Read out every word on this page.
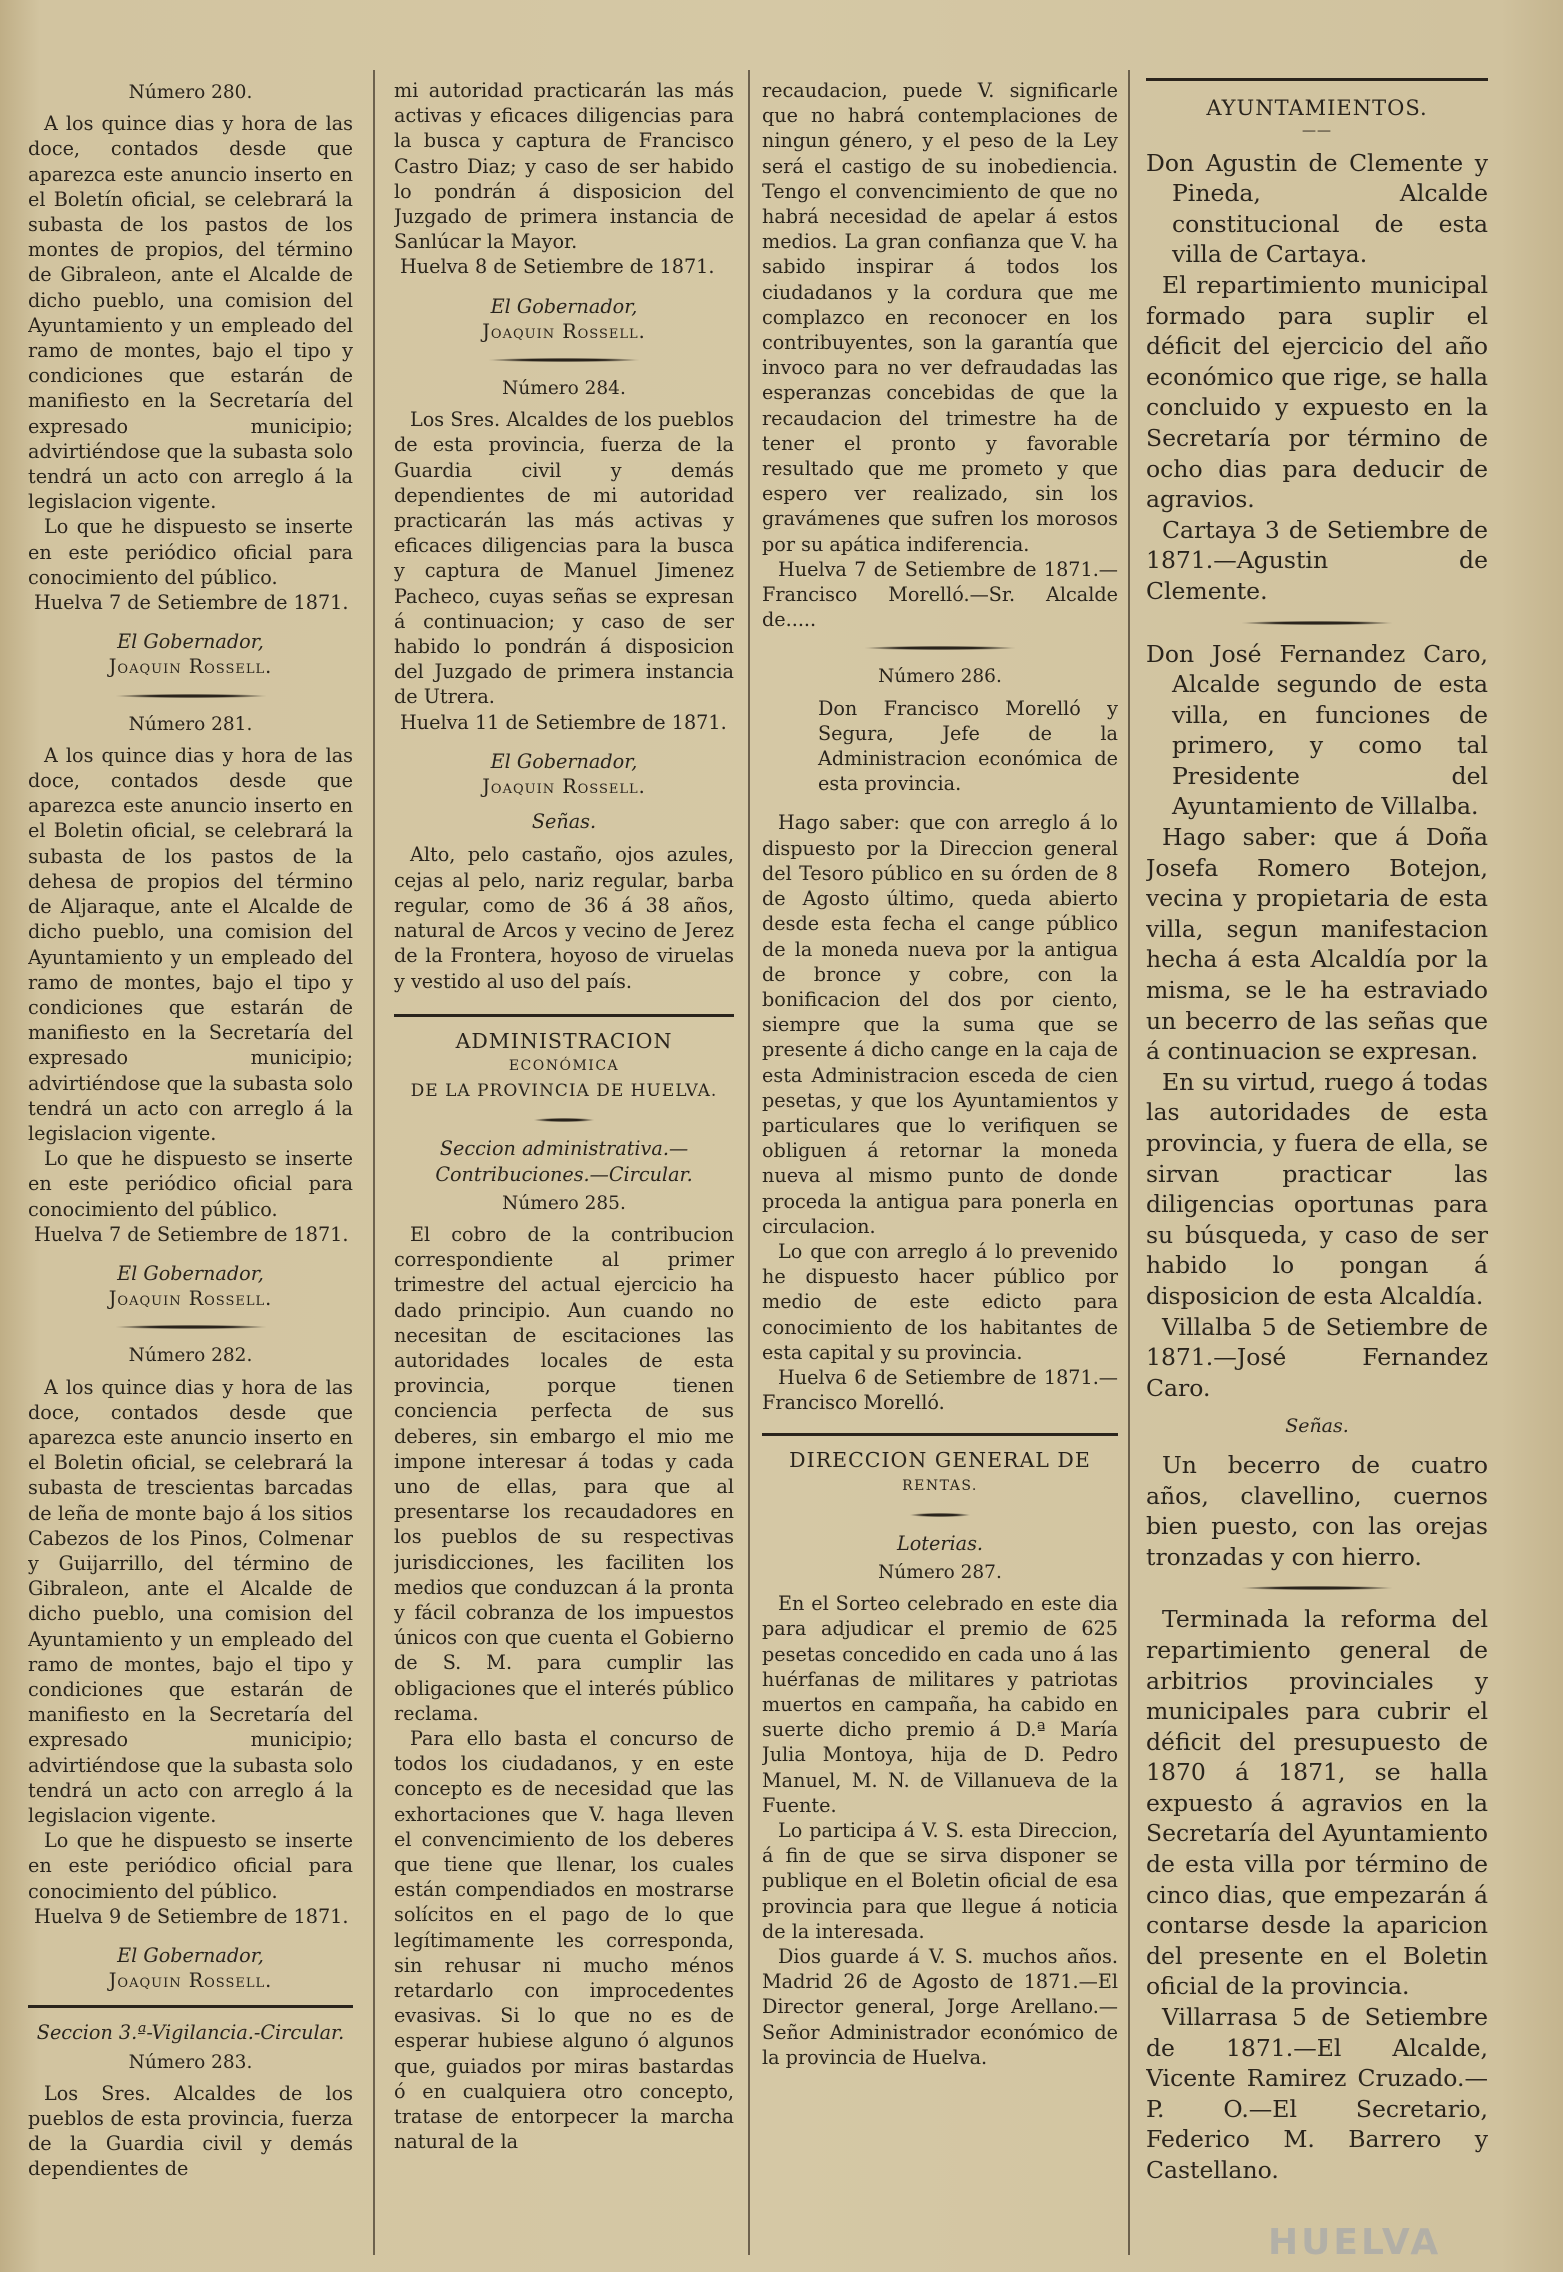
Número 280.

A los quince dias y hora de las doce, contados desde que aparezca este anuncio inserto en el Boletín oficial, se celebrará la subasta de los pastos de los montes de propios, del término de Gibraleon, ante el Alcalde de dicho pueblo, una comision del Ayuntamiento y un empleado del ramo de montes, bajo el tipo y condiciones que estarán de manifiesto en la Secretaría del expresado municipio; advirtiéndose que la subasta solo tendrá un acto con arreglo á la legislacion vigente.

Lo que he dispuesto se inserte en este periódico oficial para conocimiento del público.

Huelva 7 de Setiembre de 1871.

El Gobernador,

Joaquin Rossell.

Número 281.

A los quince dias y hora de las doce, contados desde que aparezca este anuncio inserto en el Boletin oficial, se celebrará la subasta de los pastos de la dehesa de propios del término de Aljaraque, ante el Alcalde de dicho pueblo, una comision del Ayuntamiento y un empleado del ramo de montes, bajo el tipo y condiciones que estarán de manifiesto en la Secretaría del expresado municipio; advirtiéndose que la subasta solo tendrá un acto con arreglo á la legislacion vigente.

Lo que he dispuesto se inserte en este periódico oficial para conocimiento del público.

Huelva 7 de Setiembre de 1871.

El Gobernador,

Joaquin Rossell.

Número 282.

A los quince dias y hora de las doce, contados desde que aparezca este anuncio inserto en el Boletin oficial, se celebrará la subasta de trescientas barcadas de leña de monte bajo á los sitios Cabezos de los Pinos, Colmenar y Guijarrillo, del término de Gibraleon, ante el Alcalde de dicho pueblo, una comision del Ayuntamiento y un empleado del ramo de montes, bajo el tipo y condiciones que estarán de manifiesto en la Secretaría del expresado municipio; advirtiéndose que la subasta solo tendrá un acto con arreglo á la legislacion vigente.

Lo que he dispuesto se inserte en este periódico oficial para conocimiento del público.

Huelva 9 de Setiembre de 1871.

El Gobernador,

Joaquin Rossell.

Seccion 3.ª-Vigilancia.-Circular.

Número 283.

Los Sres. Alcaldes de los pueblos de esta provincia, fuerza de la Guardia civil y demás dependientes de

mi autoridad practicarán las más activas y eficaces diligencias para la busca y captura de Francisco Castro Diaz; y caso de ser habido lo pondrán á disposicion del Juzgado de primera instancia de Sanlúcar la Mayor.

Huelva 8 de Setiembre de 1871.

El Gobernador,

Joaquin Rossell.

Número 284.

Los Sres. Alcaldes de los pueblos de esta provincia, fuerza de la Guardia civil y demás dependientes de mi autoridad practicarán las más activas y eficaces diligencias para la busca y captura de Manuel Jimenez Pacheco, cuyas señas se expresan á continuacion; y caso de ser habido lo pondrán á disposicion del Juzgado de primera instancia de Utrera.

Huelva 11 de Setiembre de 1871.

El Gobernador,

Joaquin Rossell.

Señas.

Alto, pelo castaño, ojos azules, cejas al pelo, nariz regular, barba regular, como de 36 á 38 años, natural de Arcos y vecino de Jerez de la Frontera, hoyoso de viruelas y vestido al uso del país.

ADMINISTRACION

ECONÓMICA

DE LA PROVINCIA DE HUELVA.

Seccion administrativa.—Contribuciones.—Circular.

Número 285.

El cobro de la contribucion correspondiente al primer trimestre del actual ejercicio ha dado principio. Aun cuando no necesitan de escitaciones las autoridades locales de esta provincia, porque tienen conciencia perfecta de sus deberes, sin embargo el mio me impone interesar á todas y cada uno de ellas, para que al presentarse los recaudadores en los pueblos de su respectivas jurisdicciones, les faciliten los medios que conduzcan á la pronta y fácil cobranza de los impuestos únicos con que cuenta el Gobierno de S. M. para cumplir las obligaciones que el interés público reclama.

Para ello basta el concurso de todos los ciudadanos, y en este concepto es de necesidad que las exhortaciones que V. haga lleven el convencimiento de los deberes que tiene que llenar, los cuales están compendiados en mostrarse solícitos en el pago de lo que legítimamente les corresponda, sin rehusar ni mucho ménos retardarlo con improcedentes evasivas. Si lo que no es de esperar hubiese alguno ó algunos que, guiados por miras bastardas ó en cualquiera otro concepto, tratase de entorpecer la marcha natural de la

recaudacion, puede V. significarle que no habrá contemplaciones de ningun género, y el peso de la Ley será el castigo de su inobediencia. Tengo el convencimiento de que no habrá necesidad de apelar á estos medios. La gran confianza que V. ha sabido inspirar á todos los ciudadanos y la cordura que me complazco en reconocer en los contribuyentes, son la garantía que invoco para no ver defraudadas las esperanzas concebidas de que la recaudacion del trimestre ha de tener el pronto y favorable resultado que me prometo y que espero ver realizado, sin los gravámenes que sufren los morosos por su apática indiferencia.

Huelva 7 de Setiembre de 1871.—Francisco Morelló.—Sr. Alcalde de.....

Número 286.

Don Francisco Morelló y Segura, Jefe de la Administracion económica de esta provincia.

Hago saber: que con arreglo á lo dispuesto por la Direccion general del Tesoro público en su órden de 8 de Agosto último, queda abierto desde esta fecha el cange público de la moneda nueva por la antigua de bronce y cobre, con la bonificacion del dos por ciento, siempre que la suma que se presente á dicho cange en la caja de esta Administracion esceda de cien pesetas, y que los Ayuntamientos y particulares que lo verifiquen se obliguen á retornar la moneda nueva al mismo punto de donde proceda la antigua para ponerla en circulacion.

Lo que con arreglo á lo prevenido he dispuesto hacer público por medio de este edicto para conocimiento de los habitantes de esta capital y su provincia.

Huelva 6 de Setiembre de 1871.—Francisco Morelló.

DIRECCION GENERAL DE

RENTAS.

Loterias.

Número 287.

En el Sorteo celebrado en este dia para adjudicar el premio de 625 pesetas concedido en cada uno á las huérfanas de militares y patriotas muertos en campaña, ha cabido en suerte dicho premio á D.ª María Julia Montoya, hija de D. Pedro Manuel, M. N. de Villanueva de la Fuente.

Lo participa á V. S. esta Direccion, á fin de que se sirva disponer se publique en el Boletin oficial de esa provincia para que llegue á noticia de la interesada.

Dios guarde á V. S. muchos años. Madrid 26 de Agosto de 1871.—El Director general, Jorge Arellano.—Señor Administrador económico de la provincia de Huelva.

AYUNTAMIENTOS.

——

Don Agustin de Clemente y Pineda, Alcalde constitucional de esta villa de Cartaya.

El repartimiento municipal formado para suplir el déficit del ejercicio del año económico que rige, se halla concluido y expuesto en la Secretaría por término de ocho dias para deducir de agravios.

Cartaya 3 de Setiembre de 1871.—Agustin de Clemente.

Don José Fernandez Caro, Alcalde segundo de esta villa, en funciones de primero, y como tal Presidente del Ayuntamiento de Villalba.

Hago saber: que á Doña Josefa Romero Botejon, vecina y propietaria de esta villa, segun manifestacion hecha á esta Alcaldía por la misma, se le ha estraviado un becerro de las señas que á continuacion se expresan.

En su virtud, ruego á todas las autoridades de esta provincia, y fuera de ella, se sirvan practicar las diligencias oportunas para su búsqueda, y caso de ser habido lo pongan á disposicion de esta Alcaldía.

Villalba 5 de Setiembre de 1871.—José Fernandez Caro.

Señas.

Un becerro de cuatro años, clavellino, cuernos bien puesto, con las orejas tronzadas y con hierro.

Terminada la reforma del repartimiento general de arbitrios provinciales y municipales para cubrir el déficit del presupuesto de 1870 á 1871, se halla expuesto á agravios en la Secretaría del Ayuntamiento de esta villa por término de cinco dias, que empezarán á contarse desde la aparicion del presente en el Boletin oficial de la provincia.

Villarrasa 5 de Setiembre de 1871.—El Alcalde, Vicente Ramirez Cruzado.—P. O.—El Secretario, Federico M. Barrero y Castellano.

HUELVA
